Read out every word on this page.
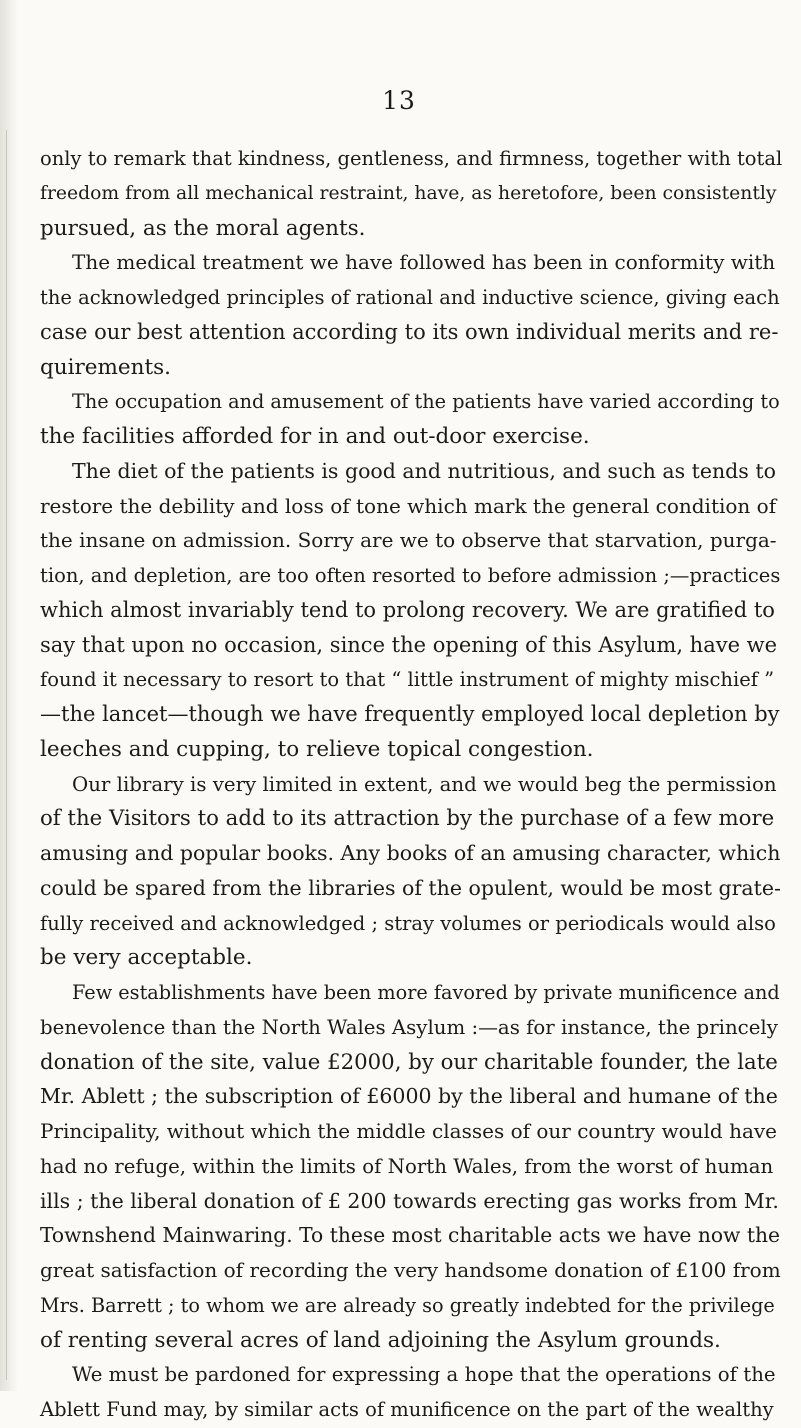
13
only to remark that kindness, gentleness, and firmness, together with total
freedom from all mechanical restraint, have, as heretofore, been consistently
pursued, as the moral agents.
The medical treatment we have followed has been in conformity with
the acknowledged principles of rational and inductive science, giving each
case our best attention according to its own individual merits and re-
quirements.
The occupation and amusement of the patients have varied according to
the facilities afforded for in and out-door exercise.
The diet of the patients is good and nutritious, and such as tends to
restore the debility and loss of tone which mark the general condition of
the insane on admission. Sorry are we to observe that starvation, purga-
tion, and depletion, are too often resorted to before admission ;—practices
which almost invariably tend to prolong recovery. We are gratified to
say that upon no occasion, since the opening of this Asylum, have we
found it necessary to resort to that “ little instrument of mighty mischief ”
—the lancet—though we have frequently employed local depletion by
leeches and cupping, to relieve topical congestion.
Our library is very limited in extent, and we would beg the permission
of the Visitors to add to its attraction by the purchase of a few more
amusing and popular books. Any books of an amusing character, which
could be spared from the libraries of the opulent, would be most grate-
fully received and acknowledged ; stray volumes or periodicals would also
be very acceptable.
Few establishments have been more favored by private munificence and
benevolence than the North Wales Asylum :—as for instance, the princely
donation of the site, value £2000, by our charitable founder, the late
Mr. Ablett ; the subscription of £6000 by the liberal and humane of the
Principality, without which the middle classes of our country would have
had no refuge, within the limits of North Wales, from the worst of human
ills ; the liberal donation of £ 200 towards erecting gas works from Mr.
Townshend Mainwaring. To these most charitable acts we have now the
great satisfaction of recording the very handsome donation of £100 from
Mrs. Barrett ; to whom we are already so greatly indebted for the privilege
of renting several acres of land adjoining the Asylum grounds.
We must be pardoned for expressing a hope that the operations of the
Ablett Fund may, by similar acts of munificence on the part of the wealthy
